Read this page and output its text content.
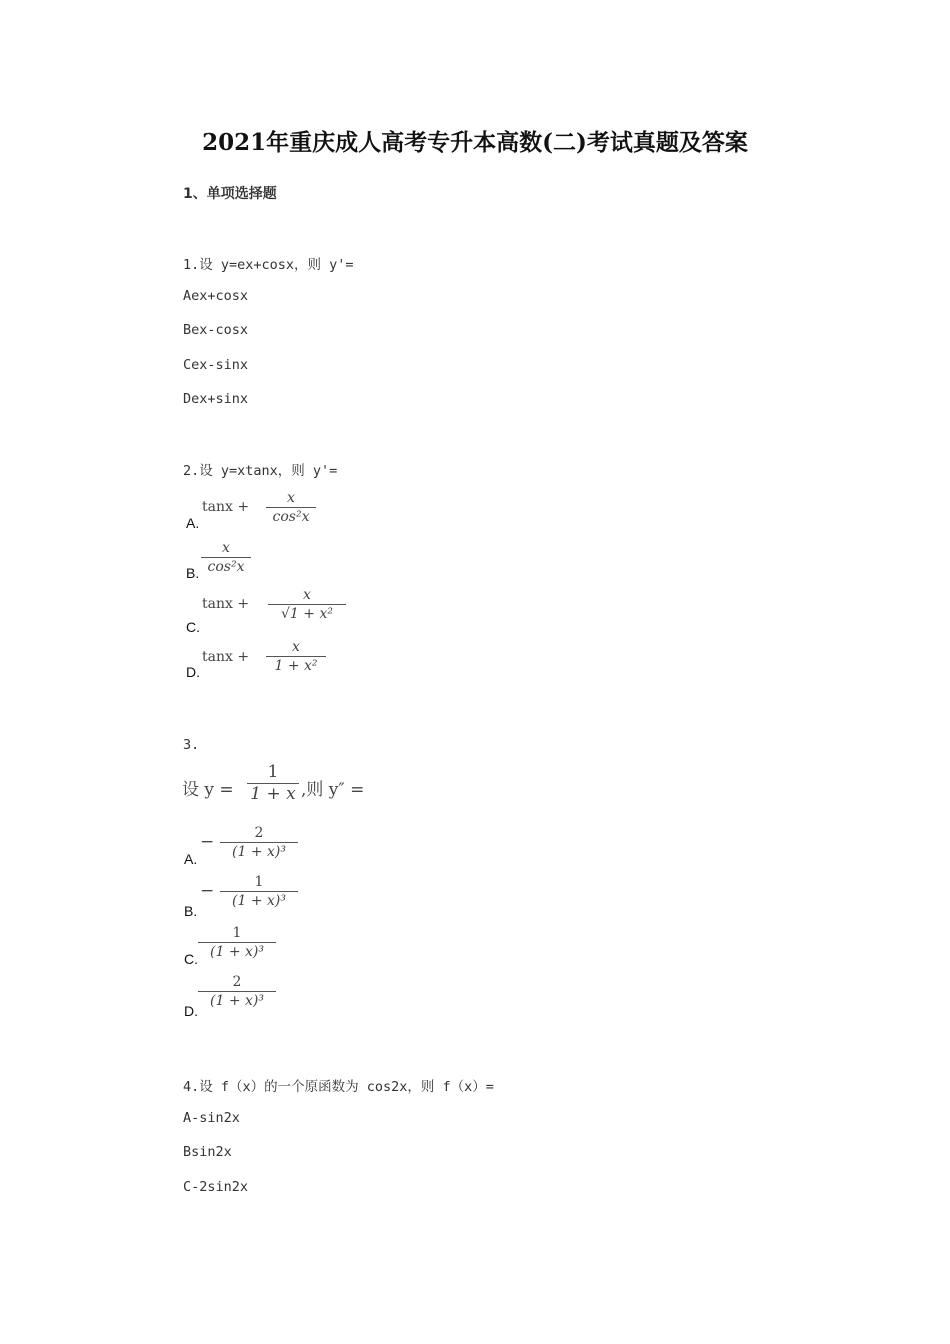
2021年重庆成人高考专升本高数(二)考试真题及答案
1、单项选择题
1.设 y=ex+cosx，则 y'=
Aex+cosx
Bex-cosx
Cex-sinx
Dex+sinx
2.设 y=xtanx，则 y'=
A.
tanx +
x
cos²x
B.
x
cos²x
C.
tanx +
x
√1 + x²
D.
tanx +
x
1 + x²
3.
设 y =
1
1 + x ,则 y″ =
A.
−	2
(1 + x)³
B.
−	1
(1 + x)³
C.
1
(1 + x)³
D.
2
(1 + x)³
4.设 f（x）的一个原函数为 cos2x，则 f（x）=
A-sin2x
Bsin2x
C-2sin2x
